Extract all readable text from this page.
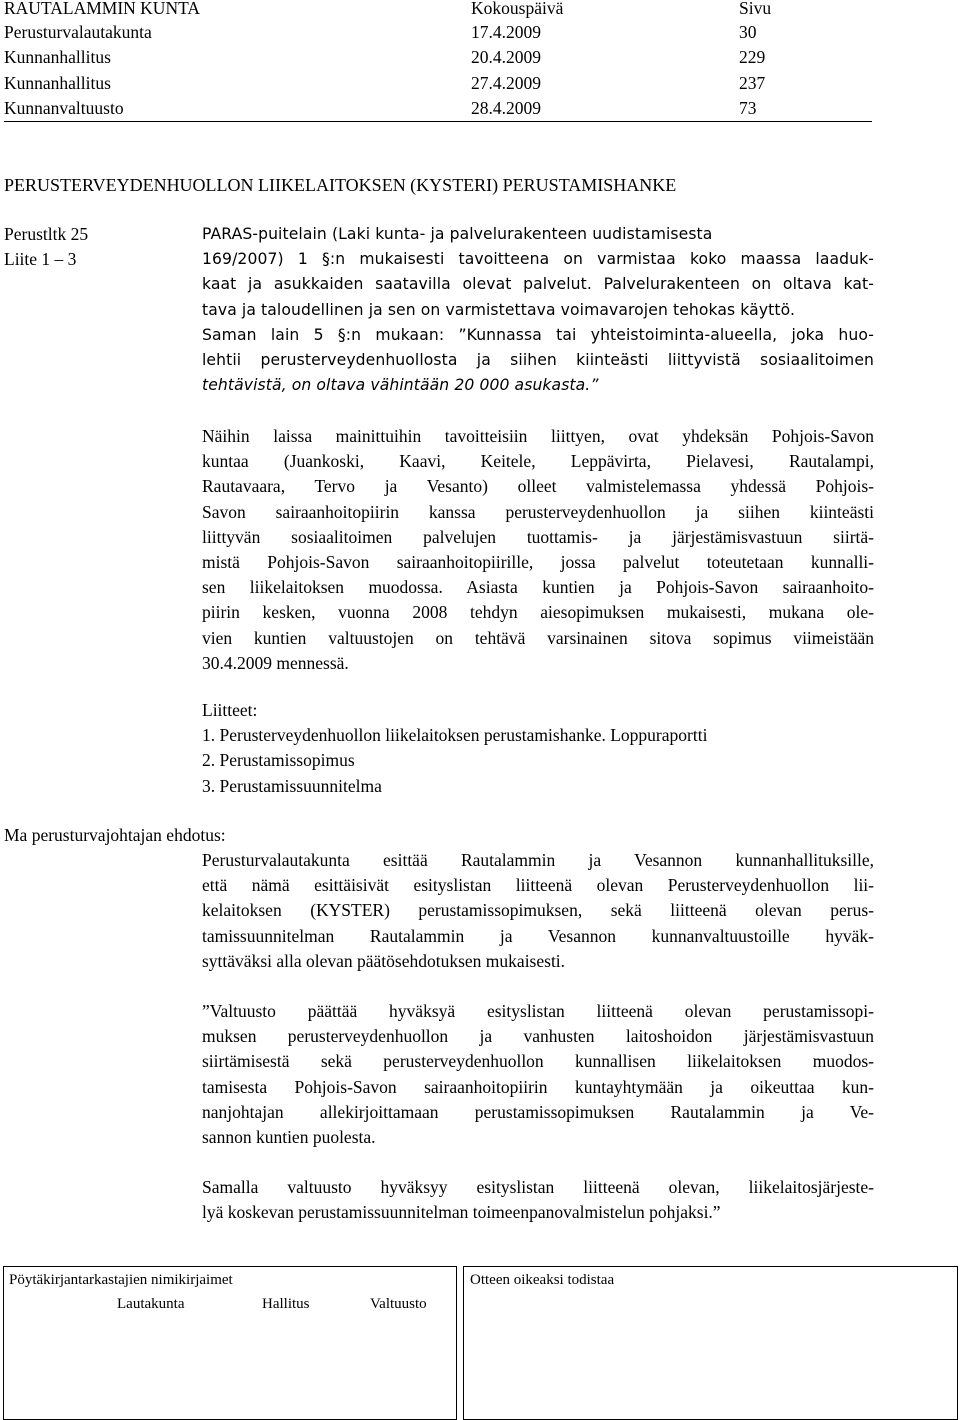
RAUTALAMMIN KUNTA	Kokouspäivä	Sivu
Perusturvalautakunta	17.4.2009	30
Kunnanhallitus	20.4.2009	229
Kunnanhallitus	27.4.2009	237
Kunnanvaltuusto	28.4.2009	73
PERUSTERVEYDENHUOLLON LIIKELAITOKSEN (KYSTERI) PERUSTAMISHANKE
Perustltk 25
Liite 1 – 3
PARAS-puitelain (Laki kunta- ja palvelurakenteen uudistamisesta
169/2007) 1 §:n mukaisesti tavoitteena on varmistaa koko maassa laaduk-
kaat ja asukkaiden saatavilla olevat palvelut. Palvelurakenteen on oltava kat-
tava ja taloudellinen ja sen on varmistettava voimavarojen tehokas käyttö.
Saman lain 5 §:n mukaan: ”Kunnassa tai yhteistoiminta-alueella, joka huo-
lehtii perusterveydenhuollosta ja siihen kiinteästi liittyvistä sosiaalitoimen
tehtävistä, on oltava vähintään 20 000 asukasta.”
Näihin laissa mainittuihin tavoitteisiin liittyen, ovat yhdeksän Pohjois-Savon
kuntaa (Juankoski, Kaavi, Keitele, Leppävirta, Pielavesi, Rautalampi,
Rautavaara, Tervo ja Vesanto) olleet valmistelemassa yhdessä Pohjois-
Savon sairaanhoitopiirin kanssa perusterveydenhuollon ja siihen kiinteästi
liittyvän sosiaalitoimen palvelujen tuottamis- ja järjestämisvastuun siirtä-
mistä Pohjois-Savon sairaanhoitopiirille, jossa palvelut toteutetaan kunnalli-
sen liikelaitoksen muodossa. Asiasta kuntien ja Pohjois-Savon sairaanhoito-
piirin kesken, vuonna 2008 tehdyn aiesopimuksen mukaisesti, mukana ole-
vien kuntien valtuustojen on tehtävä varsinainen sitova sopimus viimeistään
30.4.2009 mennessä.
Liitteet:
1. Perusterveydenhuollon liikelaitoksen perustamishanke. Loppuraportti
2. Perustamissopimus
3. Perustamissuunnitelma
Ma perusturvajohtajan ehdotus:
Perusturvalautakunta esittää Rautalammin ja Vesannon kunnanhallituksille,
että nämä esittäisivät esityslistan liitteenä olevan Perusterveydenhuollon lii-
kelaitoksen (KYSTER) perustamissopimuksen, sekä liitteenä olevan perus-
tamissuunnitelman Rautalammin ja Vesannon kunnanvaltuustoille hyväk-
syttäväksi alla olevan päätösehdotuksen mukaisesti.
”Valtuusto päättää hyväksyä esityslistan liitteenä olevan perustamissopi-
muksen perusterveydenhuollon ja vanhusten laitoshoidon järjestämisvastuun
siirtämisestä sekä perusterveydenhuollon kunnallisen liikelaitoksen muodos-
tamisesta Pohjois-Savon sairaanhoitopiirin kuntayhtymään ja oikeuttaa kun-
nanjohtajan allekirjoittamaan perustamissopimuksen Rautalammin ja Ve-
sannon kuntien puolesta.
Samalla valtuusto hyväksyy esityslistan liitteenä olevan, liikelaitosjärjeste-
lyä koskevan perustamissuunnitelman toimeenpanovalmistelun pohjaksi.”
Pöytäkirjantarkastajien nimikirjaimet
Lautakunta	Hallitus	Valtuusto
Otteen oikeaksi todistaa
